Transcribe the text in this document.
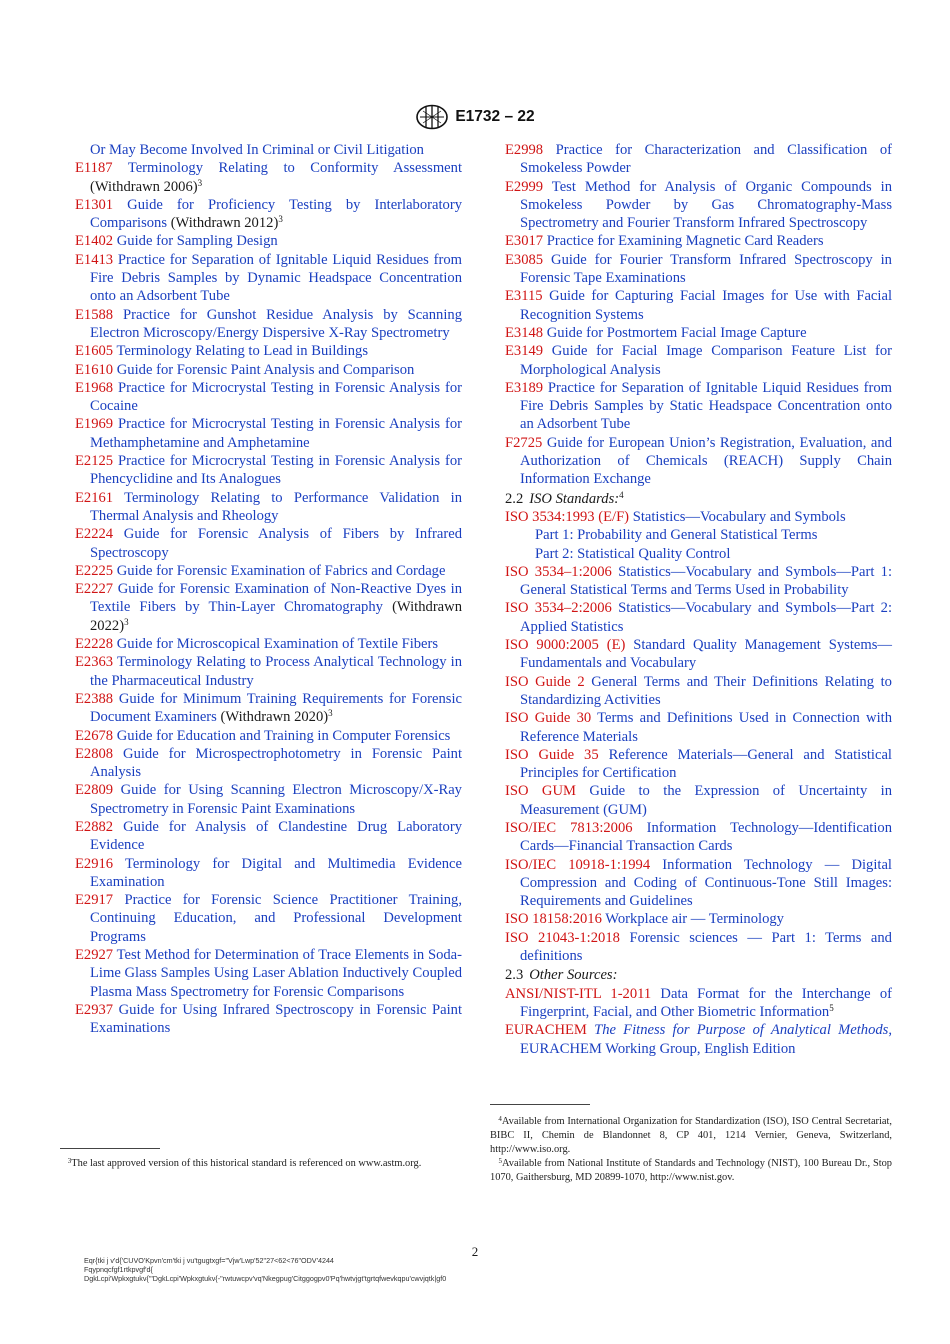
E1732 – 22
Or May Become Involved In Criminal or Civil Litigation
E1187 Terminology Relating to Conformity Assessment (Withdrawn 2006)$^3$
E1301 Guide for Proficiency Testing by Interlaboratory Comparisons (Withdrawn 2012)$^3$
E1402 Guide for Sampling Design
E1413 Practice for Separation of Ignitable Liquid Residues from Fire Debris Samples by Dynamic Headspace Concentration onto an Adsorbent Tube
E1588 Practice for Gunshot Residue Analysis by Scanning Electron Microscopy/Energy Dispersive X-Ray Spectrometry
E1605 Terminology Relating to Lead in Buildings
E1610 Guide for Forensic Paint Analysis and Comparison
E1968 Practice for Microcrystal Testing in Forensic Analysis for Cocaine
E1969 Practice for Microcrystal Testing in Forensic Analysis for Methamphetamine and Amphetamine
E2125 Practice for Microcrystal Testing in Forensic Analysis for Phencyclidine and Its Analogues
E2161 Terminology Relating to Performance Validation in Thermal Analysis and Rheology
E2224 Guide for Forensic Analysis of Fibers by Infrared Spectroscopy
E2225 Guide for Forensic Examination of Fabrics and Cordage
E2227 Guide for Forensic Examination of Non-Reactive Dyes in Textile Fibers by Thin-Layer Chromatography (Withdrawn 2022)$^3$
E2228 Guide for Microscopical Examination of Textile Fibers
E2363 Terminology Relating to Process Analytical Technology in the Pharmaceutical Industry
E2388 Guide for Minimum Training Requirements for Forensic Document Examiners (Withdrawn 2020)$^3$
E2678 Guide for Education and Training in Computer Forensics
E2808 Guide for Microspectrophotometry in Forensic Paint Analysis
E2809 Guide for Using Scanning Electron Microscopy/X-Ray Spectrometry in Forensic Paint Examinations
E2882 Guide for Analysis of Clandestine Drug Laboratory Evidence
E2916 Terminology for Digital and Multimedia Evidence Examination
E2917 Practice for Forensic Science Practitioner Training, Continuing Education, and Professional Development Programs
E2927 Test Method for Determination of Trace Elements in Soda-Lime Glass Samples Using Laser Ablation Inductively Coupled Plasma Mass Spectrometry for Forensic Comparisons
E2937 Guide for Using Infrared Spectroscopy in Forensic Paint Examinations
E2998 Practice for Characterization and Classification of Smokeless Powder
E2999 Test Method for Analysis of Organic Compounds in Smokeless Powder by Gas Chromatography-Mass Spectrometry and Fourier Transform Infrared Spectroscopy
E3017 Practice for Examining Magnetic Card Readers
E3085 Guide for Fourier Transform Infrared Spectroscopy in Forensic Tape Examinations
E3115 Guide for Capturing Facial Images for Use with Facial Recognition Systems
E3148 Guide for Postmortem Facial Image Capture
E3149 Guide for Facial Image Comparison Feature List for Morphological Analysis
E3189 Practice for Separation of Ignitable Liquid Residues from Fire Debris Samples by Static Headspace Concentration onto an Adsorbent Tube
F2725 Guide for European Union’s Registration, Evaluation, and Authorization of Chemicals (REACH) Supply Chain Information Exchange
2.2 ISO Standards:$^4$
ISO 3534:1993 (E/F) Statistics—Vocabulary and Symbols
Part 1: Probability and General Statistical Terms
Part 2: Statistical Quality Control
ISO 3534–1:2006 Statistics—Vocabulary and Symbols—Part 1: General Statistical Terms and Terms Used in Probability
ISO 3534–2:2006 Statistics—Vocabulary and Symbols—Part 2: Applied Statistics
ISO 9000:2005 (E) Standard Quality Management Systems—Fundamentals and Vocabulary
ISO Guide 2 General Terms and Their Definitions Relating to Standardizing Activities
ISO Guide 30 Terms and Definitions Used in Connection with Reference Materials
ISO Guide 35 Reference Materials—General and Statistical Principles for Certification
ISO GUM Guide to the Expression of Uncertainty in Measurement (GUM)
ISO/IEC 7813:2006 Information Technology—Identification Cards—Financial Transaction Cards
ISO/IEC 10918-1:1994 Information Technology — Digital Compression and Coding of Continuous-Tone Still Images: Requirements and Guidelines
ISO 18158:2016 Workplace air — Terminology
ISO 21043-1:2018 Forensic sciences — Part 1: Terms and definitions
2.3 Other Sources:
ANSI/NIST-ITL 1-2011 Data Format for the Interchange of Fingerprint, Facial, and Other Biometric Information$^5$
EURACHEM The Fitness for Purpose of Analytical Methods, EURACHEM Working Group, English Edition
$^3$The last approved version of this historical standard is referenced on www.astm.org.
$^4$Available from International Organization for Standardization (ISO), ISO Central Secretariat, BIBC II, Chemin de Blandonnet 8, CP 401, 1214 Vernier, Geneva, Switzerland, http://www.iso.org.
$^5$Available from National Institute of Standards and Technology (NIST), 100 Bureau Dr., Stop 1070, Gaithersburg, MD 20899-1070, http://www.nist.gov.
2
Eqr{tki j v'd{'CUVO'Kpvn'cm'tki j vu'tgugtxgf="Vjw'Lwp'52"27<62<76"ODV'4244
Fqypnqcfgf1rtkpvgf'd{
DgkLcpi'Wpkxgtukv{'"DgkLcpi'Wpkxgtukv{-"rwtuwcpv'vq'Nkegpug'Citggogpv0'Pq'hwtvjgt'tgrtqfwevkqpu'cwvjqtk|gf0
